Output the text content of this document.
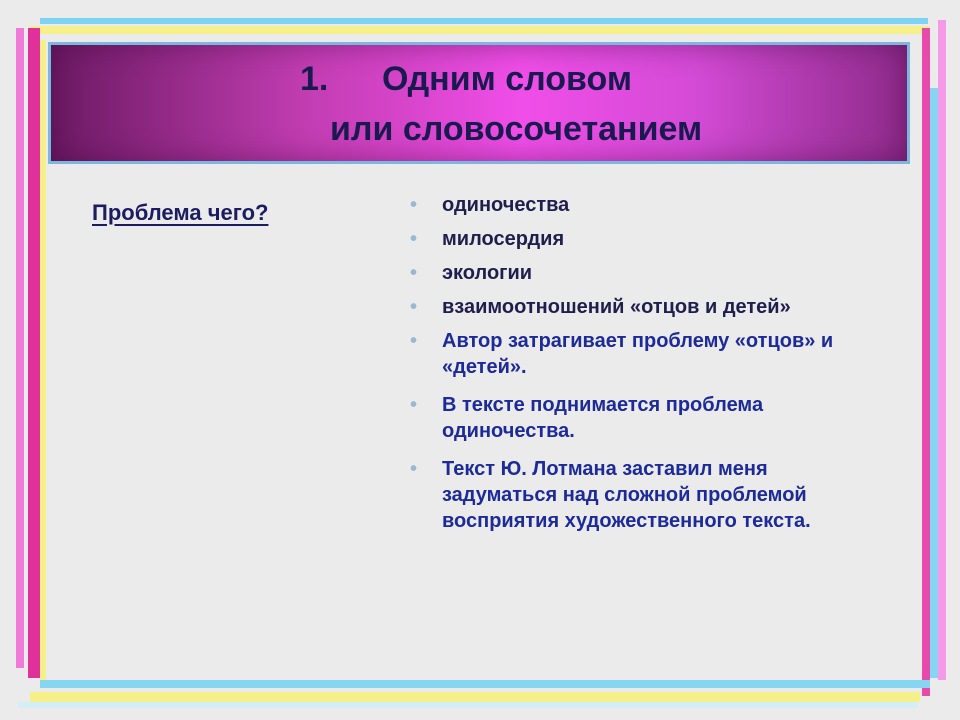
1. Одним словом
или словосочетанием
Проблема чего?	• одиночества
• милосердия
• экологии
• взаимоотношений «отцов и детей»
• Автор затрагивает проблему «отцов» и «детей».
• В тексте поднимается проблема одиночества.
• Текст Ю. Лотмана заставил меня задуматься над сложной проблемой восприятия художественного текста.
